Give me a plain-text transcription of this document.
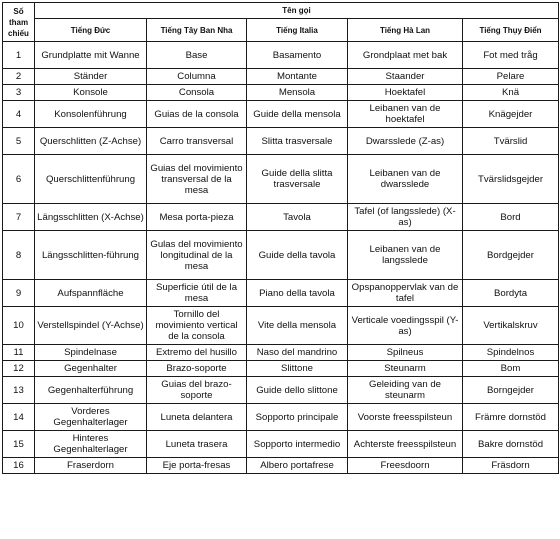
Số tham chiếu	Tên gọi				
	Tiếng Đức	Tiếng Tây Ban Nha	Tiếng Italia	Tiếng Hà Lan	Tiếng Thụy Điển
1	Grundplatte mit Wanne	Base	Basamento	Grondplaat met bak	Fot med tråg
2	Ständer	Columna	Montante	Staander	Pelare
3	Konsole	Consola	Mensola	Hoektafel	Knä
4	Konsolenführung	Guias de la consola	Guide della mensola	Leibanen van de hoektafel	Knägejder
5	Querschlitten (Z-Achse)	Carro transversal	Slitta trasversale	Dwarsslede (Z-as)	Tvärslid
6	Querschlittenführung	Guias del movimiento transversal de la mesa	Guide della slitta trasversale	Leibanen van de dwarsslede	Tvärslidsgejder
7	Längsschlitten (X-Achse)	Mesa porta-pieza	Tavola	Tafel (of langsslede) (X-as)	Bord
8	Längsschlitten-führung	Gulas del movimiento longitudinal de la mesa	Guide della tavola	Leibanen van de langsslede	Bordgejder
9	Aufspannfläche	Superficie útil de la mesa	Piano della tavola	Opspanoppervlak van de tafel	Bordyta
10	Verstellspindel (Y-Achse)	Tornillo del movimiento vertical de la consola	Vite della mensola	Verticale voedingsspil (Y-as)	Vertikalskruv
11	Spindelnase	Extremo del husillo	Naso del mandrino	Spilneus	Spindelnos
12	Gegenhalter	Brazo-soporte	Slittone	Steunarm	Bom
13	Gegenhalterführung	Guias del brazo-soporte	Guide dello slittone	Geleiding van de steunarm	Borngejder
14	Vorderes Gegenhalterlager	Luneta delantera	Sopporto principale	Voorste freesspilsteun	Främre dornstöd
15	Hinteres Gegenhalterlager	Luneta trasera	Sopporto intermedio	Achterste freesspilsteun	Bakre dornstöd
16	Fraserdorn	Eje porta-fresas	Albero portafrese	Freesdoorn	Fräsdorn
